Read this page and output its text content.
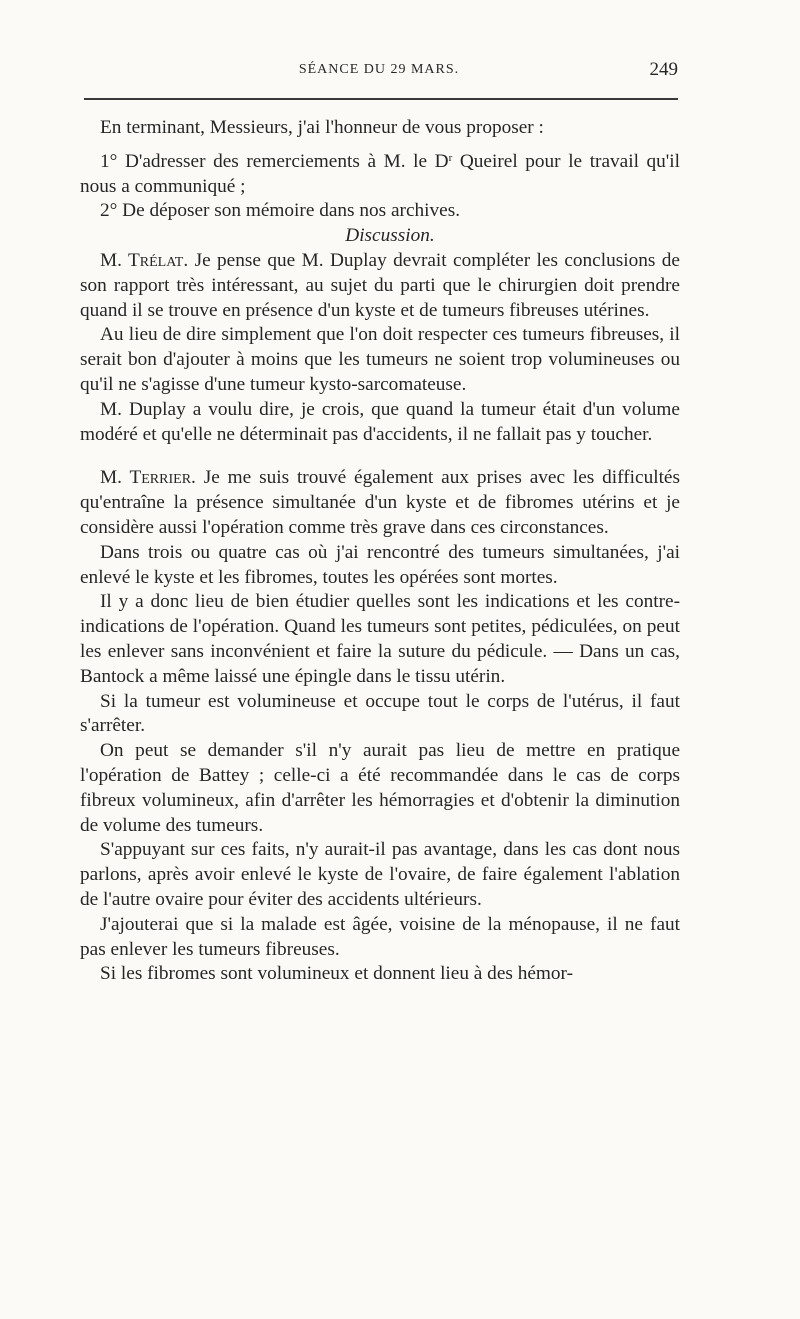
SÉANCE DU 29 MARS.	249

En terminant, Messieurs, j'ai l'honneur de vous proposer :

1° D'adresser des remerciements à M. le $D^r$ Queirel pour le travail qu'il nous a communiqué ;

2° De déposer son mémoire dans nos archives.

Discussion.

M. Trélat. Je pense que M. Duplay devrait compléter les conclusions de son rapport très intéressant, au sujet du parti que le chirurgien doit prendre quand il se trouve en présence d'un kyste et de tumeurs fibreuses utérines.

Au lieu de dire simplement que l'on doit respecter ces tumeurs fibreuses, il serait bon d'ajouter à moins que les tumeurs ne soient trop volumineuses ou qu'il ne s'agisse d'une tumeur kysto-sarcomateuse.

M. Duplay a voulu dire, je crois, que quand la tumeur était d'un volume modéré et qu'elle ne déterminait pas d'accidents, il ne fallait pas y toucher.

M. Terrier. Je me suis trouvé également aux prises avec les difficultés qu'entraîne la présence simultanée d'un kyste et de fibromes utérins et je considère aussi l'opération comme très grave dans ces circonstances.

Dans trois ou quatre cas où j'ai rencontré des tumeurs simultanées, j'ai enlevé le kyste et les fibromes, toutes les opérées sont mortes.

Il y a donc lieu de bien étudier quelles sont les indications et les contre-indications de l'opération. Quand les tumeurs sont petites, pédiculées, on peut les enlever sans inconvénient et faire la suture du pédicule. — Dans un cas, Bantock a même laissé une épingle dans le tissu utérin.

Si la tumeur est volumineuse et occupe tout le corps de l'utérus, il faut s'arrêter.

On peut se demander s'il n'y aurait pas lieu de mettre en pratique l'opération de Battey ; celle-ci a été recommandée dans le cas de corps fibreux volumineux, afin d'arrêter les hémorragies et d'obtenir la diminution de volume des tumeurs.

S'appuyant sur ces faits, n'y aurait-il pas avantage, dans les cas dont nous parlons, après avoir enlevé le kyste de l'ovaire, de faire également l'ablation de l'autre ovaire pour éviter des accidents ultérieurs.

J'ajouterai que si la malade est âgée, voisine de la ménopause, il ne faut pas enlever les tumeurs fibreuses.

Si les fibromes sont volumineux et donnent lieu à des hémor-
